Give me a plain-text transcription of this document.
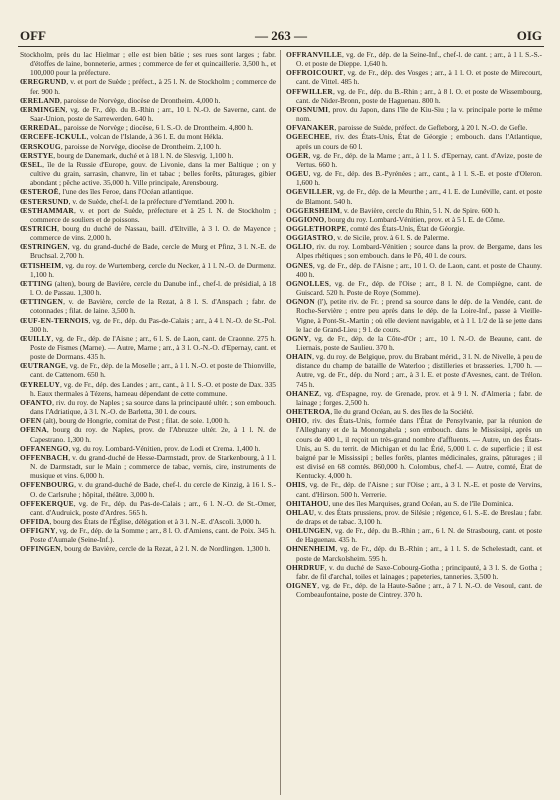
OFF	— 263 —	OIG

Stockholm, près du lac Hielmar ; elle est bien bâtie ; ses rues sont larges ; fabr. d'étoffes de laine, bonneterie, armes ; commerce de fer et quincaillerie. 3,500 h., et 100,000 pour la préfecture.

ŒREGRUND, v. et port de Suède ; préfect., à 25 l. N. de Stockholm ; commerce de fer. 900 h.

ŒRELAND, paroisse de Norvège, diocèse de Drontheim. 4,000 h.

ŒRMINGEN, vg. de Fr., dép. du B.-Rhin ; arr., 10 l. N.-O. de Saverne, cant. de Saar-Union, poste de Sarrewerden. 640 h.

ŒRREDAL, paroisse de Norvège ; diocèse, 6 l. S.-O. de Drontheim. 4,800 h.

ŒRCEFE-ICKULL, volcan de l'Islande, à 36 l. E. du mont Hékla.

ŒRSKOUG, paroisse de Norvège, diocèse de Drontheim. 2,100 h.

ŒRSTYE, bourg de Danemark, duché et à 18 l. N. de Slesvig. 1,100 h.

ŒSEL, île de la Russie d'Europe, gouv. de Livonie, dans la mer Baltique ; on y cultive du grain, sarrasin, chanvre, lin et tabac ; belles forêts, pâturages, gibier abondant ; pêche active. 35,000 h. Ville principale, Arensbourg.

ŒSTEROË, l'une des îles Feroe, dans l'Océan atlantique.

ŒSTERSUND, v. de Suède, chef-l. de la préfecture d'Yemtland. 200 h.

ŒSTHAMMAR, v. et port de Suède, préfecture et à 25 l. N. de Stockholm ; commerce de souliers et de poissons.

ŒSTRICH, bourg du duché de Nassau, baill. d'Eltville, à 3 l. O. de Mayence ; commerce de vins. 2,000 h.

ŒSTRINGEN, vg. du grand-duché de Bade, cercle de Murg et Pfinz, 3 l. N.-E. de Bruchsal. 2,700 h.

ŒTISHEIM, vg. du roy. de Wurtemberg, cercle du Necker, à 1 l. N.-O. de Durmenz. 1,100 h.

ŒTTING (alten), bourg de Bavière, cercle du Danube inf., chef-l. de présidial, à 18 l. O. de Passau. 1,300 h.

ŒTTINGEN, v. de Bavière, cercle de la Rezat, à 8 l. S. d'Anspach ; fabr. de cotonnades ; filat. de laine. 3,500 h.

ŒUF-EN-TERNOIS, vg. de Fr., dép. du Pas-de-Calais ; arr., à 4 l. N.-O. de St.-Pol. 300 h.

ŒUILLY, vg. de Fr., dép. de l'Aisne ; arr., 6 l. S. de Laon, cant. de Craonne. 275 h. Poste de Fismes (Marne). — Autre, Marne ; arr., à 3 l. O.-N.-O. d'Epernay, cant. et poste de Dormans. 435 h.

ŒUTRANGE, vg. de Fr., dép. de la Moselle ; arr., à 1 l. N.-O. et poste de Thionville, cant. de Cattenom. 650 h.

ŒYRELUY, vg. de Fr., dép. des Landes ; arr., cant., à 1 l. S.-O. et poste de Dax. 335 h. Eaux thermales à Tézens, hameau dépendant de cette commune.

OFANTO, riv. du roy. de Naples ; sa source dans la principauté ultér. ; son embouch. dans l'Adriatique, à 3 l. N.-O. de Barletta, 30 l. de cours.

OFEN (alt), bourg de Hongrie, comitat de Pest ; filat. de soie. 1,000 h.

OFENA, bourg du roy. de Naples, prov. de l'Abruzze ultér. 2e, à 1 l. N. de Capestrano. 1,300 h.

OFFANENGO, vg. du roy. Lombard-Vénitien, prov. de Lodi et Crema. 1,400 h.

OFFENBACH, v. du grand-duché de Hesse-Darmstadt, prov. de Starkenbourg, à 1 l. N. de Darmstadt, sur le Main ; commerce de tabac, vernis, cire, instruments de musique et vins. 6,000 h.

OFFENBOURG, v. du grand-duché de Bade, chef-l. du cercle de Kinzig, à 16 l. S.-O. de Carlsruhe ; hôpital, théâtre. 3,000 h.

OFFEKERQUE, vg. de Fr., dép. du Pas-de-Calais ; arr., 6 l. N.-O. de St.-Omer, cant. d'Audruick, poste d'Ardres. 565 h.

OFFIDA, bourg des États de l'Église, délégation et à 3 l. N.-E. d'Ascoli. 3,000 h.

OFFIGNY, vg. de Fr., dép. de la Somme ; arr., 8 l. O. d'Amiens, cant. de Poix. 345 h. Poste d'Aumale (Seine-Inf.).

OFFINGEN, bourg de Bavière, cercle de la Rezat, à 2 l. N. de Nordlingen. 1,300 h.

OFFRANVILLE, vg. de Fr., dép. de la Seine-Inf., chef-l. de cant. ; arr., à 1 l. S.-S.-O. et poste de Dieppe. 1,640 h.

OFFROICOURT, vg. de Fr., dép. des Vosges ; arr., à 1 l. O. et poste de Mirecourt, cant. de Vittel. 485 h.

OFFWILLER, vg. de Fr., dép. du B.-Rhin ; arr., à 8 l. O. et poste de Wissembourg, cant. de Nider-Bronn, poste de Haguenau. 800 h.

OFOSNUMI, prov. du Japon, dans l'île de Kiu-Siu ; la v. principale porte le même nom.

OFVANAKER, paroisse de Suède, préfect. de Gefleborg, à 20 l. N.-O. de Gefle.

OGEECHEE, riv. des États-Unis, État de Géorgie ; embouch. dans l'Atlantique, après un cours de 60 l.

OGER, vg. de Fr., dép. de la Marne ; arr., à 1 l. S. d'Epernay, cant. d'Avize, poste de Vertus. 660 h.

OGEU, vg. de Fr., dép. des B.-Pyrénées ; arr., cant., à 1 l. S.-E. et poste d'Oleron. 1,600 h.

OGEVILLER, vg. de Fr., dép. de la Meurthe ; arr., 4 l. E. de Lunéville, cant. et poste de Blamont. 540 h.

OGGERSHEIM, v. de Bavière, cercle du Rhin, 5 l. N. de Spire. 600 h.

OGGIONO, bourg du roy. Lombard-Vénitien, prov. et à 5 l. E. de Côme.

OGGLETHORPE, comté des États-Unis, État de Géorgie.

OGGIASTRO, v. de Sicile, prov. à 6 l. S. de Palerme.

OGLIO, riv. du roy. Lombard-Vénitien ; source dans la prov. de Bergame, dans les Alpes rhétiques ; son embouch. dans le Pô, 40 l. de cours.

OGNES, vg. de Fr., dép. de l'Aisne ; arr., 10 l. O. de Laon, cant. et poste de Chauny. 400 h.

OGNOLLES, vg. de Fr., dép. de l'Oise ; arr., 8 l. N. de Compiègne, cant. de Guiscard. 520 h. Poste de Roye (Somme).

OGNON (l'), petite riv. de Fr. ; prend sa source dans le dép. de la Vendée, cant. de Roche-Servière ; entre peu après dans le dép. de la Loire-Inf., passe à Vieille-Vigne, à Pont-St.-Martin ; où elle devient navigable, et à 1 l. 1/2 de là se jette dans le lac de Grand-Lieu ; 9 l. de cours.

OGNY, vg. de Fr., dép. de la Côte-d'Or ; arr., 10 l. N.-O. de Beaune, cant. de Liernais, poste de Saulieu. 370 h.

OHAIN, vg. du roy. de Belgique, prov. du Brabant mérid., 3 l. N. de Nivelle, à peu de distance du champ de bataille de Waterloo ; distilleries et brasseries. 1,700 h. — Autre, vg. de Fr., dép. du Nord ; arr., à 3 l. E. et poste d'Avesnes, cant. de Trélon. 745 h.

OHANEZ, vg. d'Espagne, roy. de Grenade, prov. et à 9 l. N. d'Almeria ; fabr. de lainage ; forges. 2,500 h.

OHETEROA, île du grand Océan, au S. des îles de la Société.

OHIO, riv. des États-Unis, formée dans l'État de Pensylvanie, par la réunion de l'Alleghany et de la Monongahela ; son embouch. dans le Mississipi, après un cours de 400 l., il reçoit un très-grand nombre d'affluents. — Autre, un des États-Unis, au S. du territ. de Michigan et du lac Érié, 5,000 l. c. de superficie ; il est baigné par le Mississipi ; belles forêts, plantes médicinales, grains, pâturages ; il est divisé en 68 comtés. 860,000 h. Colombus, chef-l. — Autre, comté, État de Kentucky. 4,000 h.

OHIS, vg. de Fr., dép. de l'Aisne ; sur l'Oise ; arr., à 3 l. N.-E. et poste de Vervins, cant. d'Hirson. 500 h. Verrerie.

OHITAHOU, une des îles Marquises, grand Océan, au S. de l'île Dominica.

OHLAU, v. des États prussiens, prov. de Silésie ; régence, 6 l. S.-E. de Breslau ; fabr. de draps et de tabac. 3,100 h.

OHLUNGEN, vg. de Fr., dép. du B.-Rhin ; arr., 6 l. N. de Strasbourg, cant. et poste de Haguenau. 435 h.

OHNENHEIM, vg. de Fr., dép. du B.-Rhin ; arr., à 1 l. S. de Schelestadt, cant. et poste de Marckolsheim. 595 h.

OHRDRUF, v. du duché de Saxe-Cobourg-Gotha ; principauté, à 3 l. S. de Gotha ; fabr. de fil d'archal, toiles et lainages ; papeteries, tanneries. 3,500 h.

OIGNEY, vg. de Fr., dép. de la Haute-Saône ; arr., à 7 l. N.-O. de Vesoul, cant. de Combeaufontaine, poste de Cintrey. 370 h.
